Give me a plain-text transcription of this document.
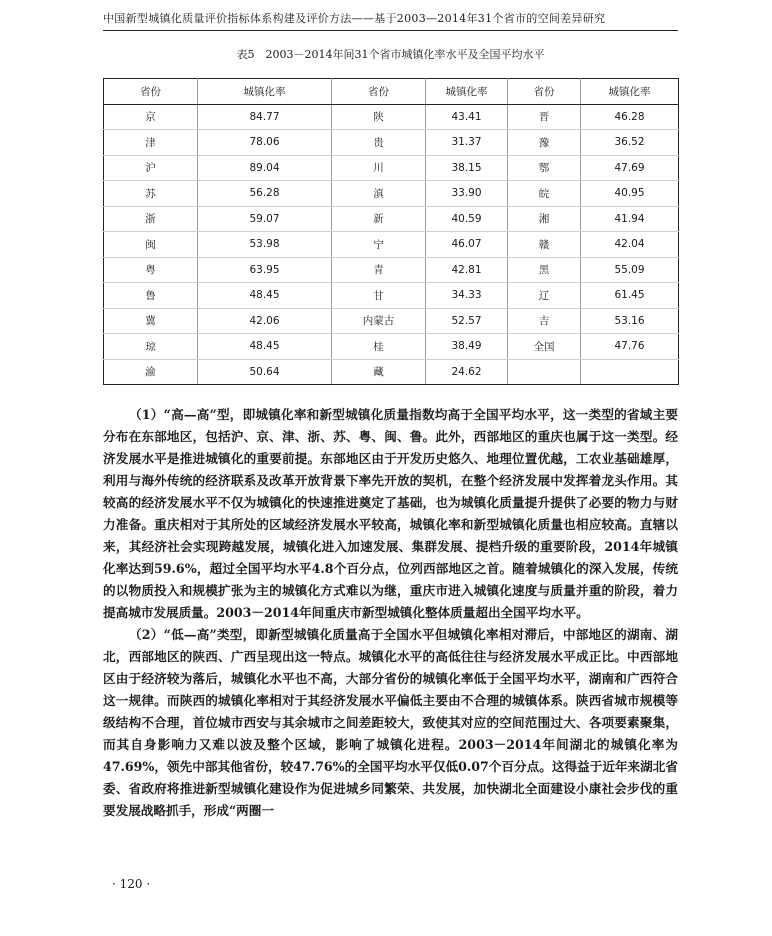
中国新型城镇化质量评价指标体系构建及评价方法——基于2003—2014年31个省市的空间差异研究
表5　2003－2014年间31个省市城镇化率水平及全国平均水平
省份	城镇化率	省份	城镇化率	省份	城镇化率
京	84.77	陕	43.41	晋	46.28
津	78.06	贵	31.37	豫	36.52
沪	89.04	川	38.15	鄂	47.69
苏	56.28	滇	33.90	皖	40.95
浙	59.07	新	40.59	湘	41.94
闽	53.98	宁	46.07	赣	42.04
粤	63.95	青	42.81	黑	55.09
鲁	48.45	甘	34.33	辽	61.45
冀	42.06	内蒙古	52.57	吉	53.16
琼	48.45	桂	38.49	全国	47.76
渝	50.64	藏	24.62		

（1）“高—高”型，即城镇化率和新型城镇化质量指数均高于全国平均水平，这一类型的省域主要分布在东部地区，包括沪、京、津、浙、苏、粤、闽、鲁。此外，西部地区的重庆也属于这一类型。经济发展水平是推进城镇化的重要前提。东部地区由于开发历史悠久、地理位置优越，工农业基础雄厚，利用与海外传统的经济联系及改革开放背景下率先开放的契机，在整个经济发展中发挥着龙头作用。其较高的经济发展水平不仅为城镇化的快速推进奠定了基础，也为城镇化质量提升提供了必要的物力与财力准备。重庆相对于其所处的区域经济发展水平较高，城镇化率和新型城镇化质量也相应较高。直辖以来，其经济社会实现跨越发展，城镇化进入加速发展、集群发展、提档升级的重要阶段，2014年城镇化率达到59.6%，超过全国平均水平4.8个百分点，位列西部地区之首。随着城镇化的深入发展，传统的以物质投入和规模扩张为主的城镇化方式难以为继，重庆市进入城镇化速度与质量并重的阶段，着力提高城市发展质量。2003－2014年间重庆市新型城镇化整体质量超出全国平均水平。

（2）“低—高”类型，即新型城镇化质量高于全国水平但城镇化率相对滞后，中部地区的湖南、湖北，西部地区的陕西、广西呈现出这一特点。城镇化水平的高低往往与经济发展水平成正比。中西部地区由于经济较为落后，城镇化水平也不高，大部分省份的城镇化率低于全国平均水平，湖南和广西符合这一规律。而陕西的城镇化率相对于其经济发展水平偏低主要由不合理的城镇体系。陕西省城市规模等级结构不合理，首位城市西安与其余城市之间差距较大，致使其对应的空间范围过大、各项要素聚集，而其自身影响力又难以波及整个区域，影响了城镇化进程。2003－2014年间湖北的城镇化率为47.69%，领先中部其他省份，较47.76%的全国平均水平仅低0.07个百分点。这得益于近年来湖北省委、省政府将推进新型城镇化建设作为促进城乡同繁荣、共发展，加快湖北全面建设小康社会步伐的重要发展战略抓手，形成“两圈一

· 120 ·
